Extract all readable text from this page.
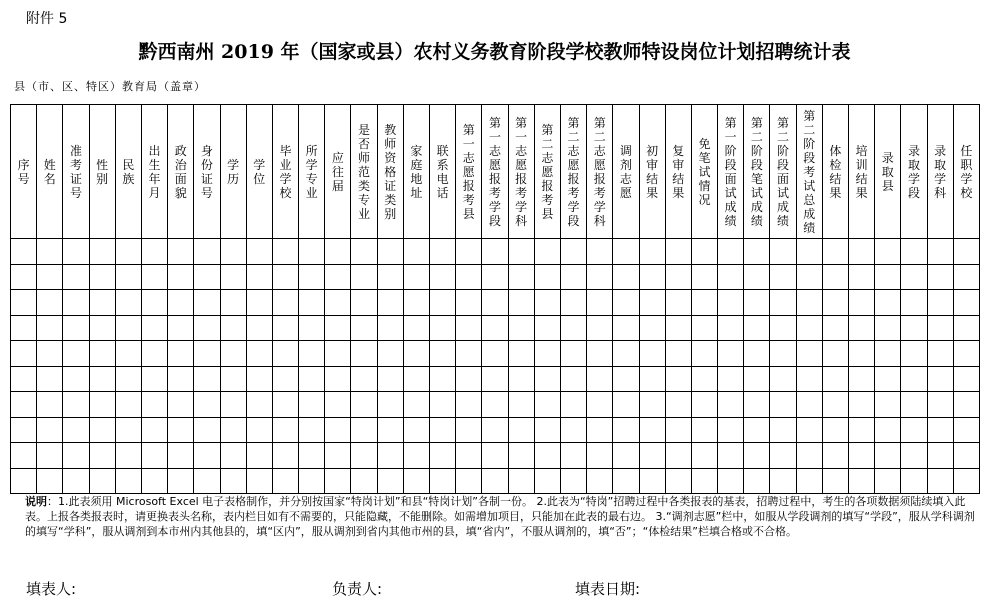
附件 5
黔西南州 2019 年（国家或县）农村义务教育阶段学校教师特设岗位计划招聘统计表
县（市、区、特区）教育局（盖章）
序号	姓名	准考证号	性别	民族	出生年月	政治面貌	身份证号	学历	学位	毕业学校	所学专业	应往届	是否师范类专业	教师资格证类别	家庭地址	联系电话	第一志愿报考县	第一志愿报考学段	第一志愿报考学科	第二志愿报考县	第二志愿报考学段	第二志愿报考学科	调剂志愿	初审结果	复审结果	免笔试情况	第一阶段面试成绩	第二阶段笔试成绩	第二阶段面试成绩	第二阶段考试总成绩	体检结果	培训结果	录取县	录取学段	录取学科	任职学校

说明：1.此表须用 Microsoft Excel 电子表格制作，并分别按国家“特岗计划”和县“特岗计划”各制一份。 2.此表为“特岗”招聘过程中各类报表的基表，招聘过程中，考生的各项数据须陆续填入此表。上报各类报表时，请更换表头名称，表内栏目如有不需要的，只能隐藏，不能删除。如需增加项目，只能加在此表的最右边。 3.“调剂志愿”栏中，如服从学段调剂的填写“学段”，服从学科调剂的填写“学科”，服从调剂到本市州内其他县的，填“区内”，服从调剂到省内其他市州的县，填“省内”，不服从调剂的，填“否”；“体检结果”栏填合格或不合格。
填表人:	负责人:	填表日期:
